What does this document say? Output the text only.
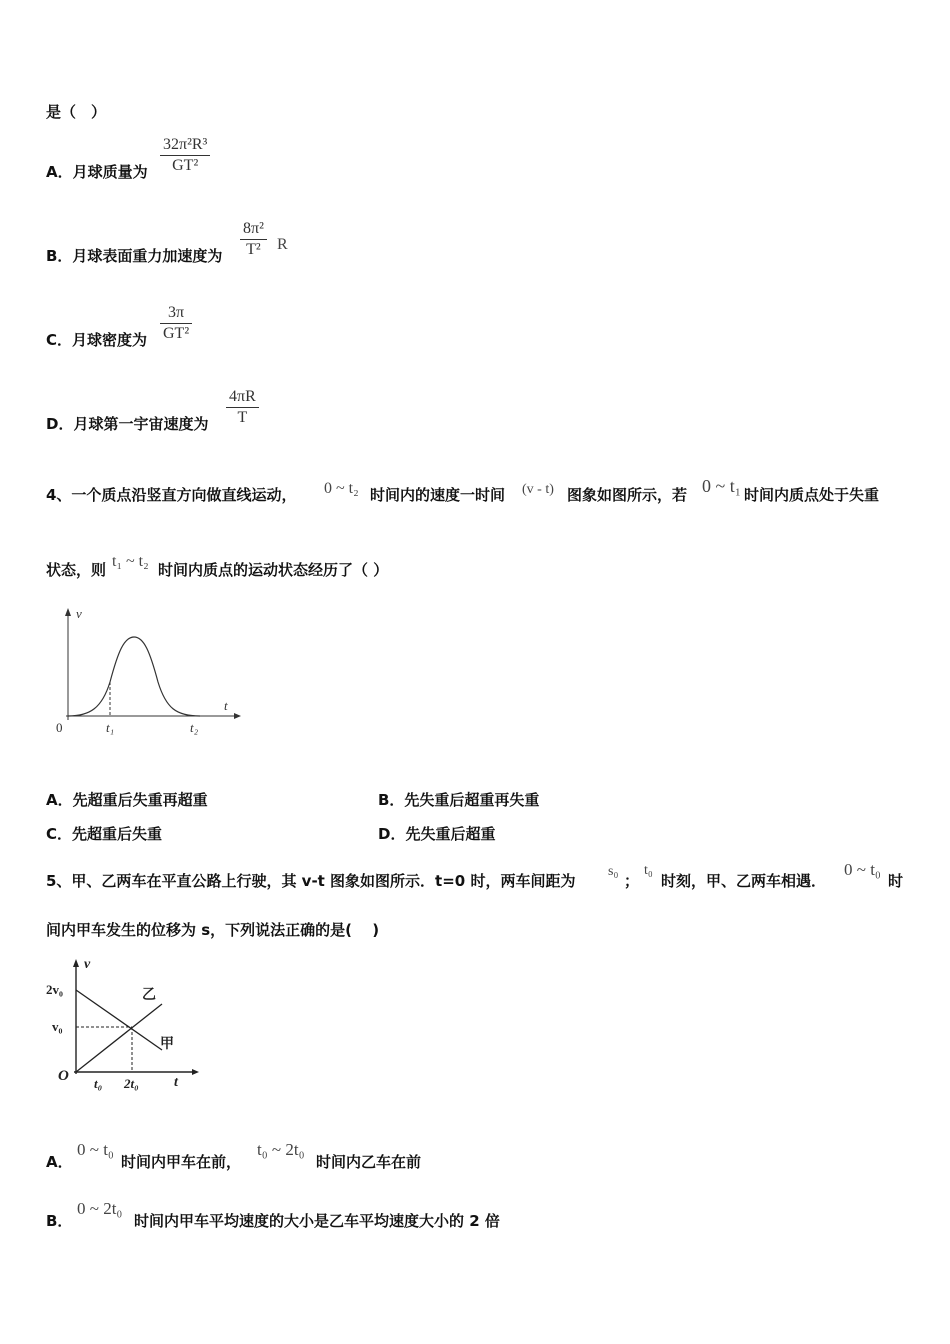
是（　）
A．月球质量为
32π²R³
GT²
B．月球表面重力加速度为
8π²
T²	R
C．月球密度为
3π
GT²
D．月球第一宇宙速度为
4πR
T
4、一个质点沿竖直方向做直线运动， 0 ~ t₂ 时间内的速度一时间 (v - t) 图象如图所示，若 0 ~ t₁ 时间内质点处于失重
状态，则 t₁ ~ t₂ 时间内质点的运动状态经历了（ ）
v
t
0	t₁	t₂
A．先超重后失重再超重	B．先失重后超重再失重
C．先超重后失重	D．先失重后超重
5、甲、乙两车在平直公路上行驶，其 v-t 图象如图所示．t=0 时，两车间距为
s₀
；
t₀
时刻，甲、乙两车相遇．
0 ~ t₀
时
间内甲车发生的位移为 s，下列说法正确的是(　 )
v
t
O
2v₀
v₀
t₀ 2t₀
乙
甲
A．
0 ~ t₀
时间内甲车在前，
t₀ ~ 2t₀
时间内乙车在前
B．
0 ~ 2t₀
时间内甲车平均速度的大小是乙车平均速度大小的 2 倍
